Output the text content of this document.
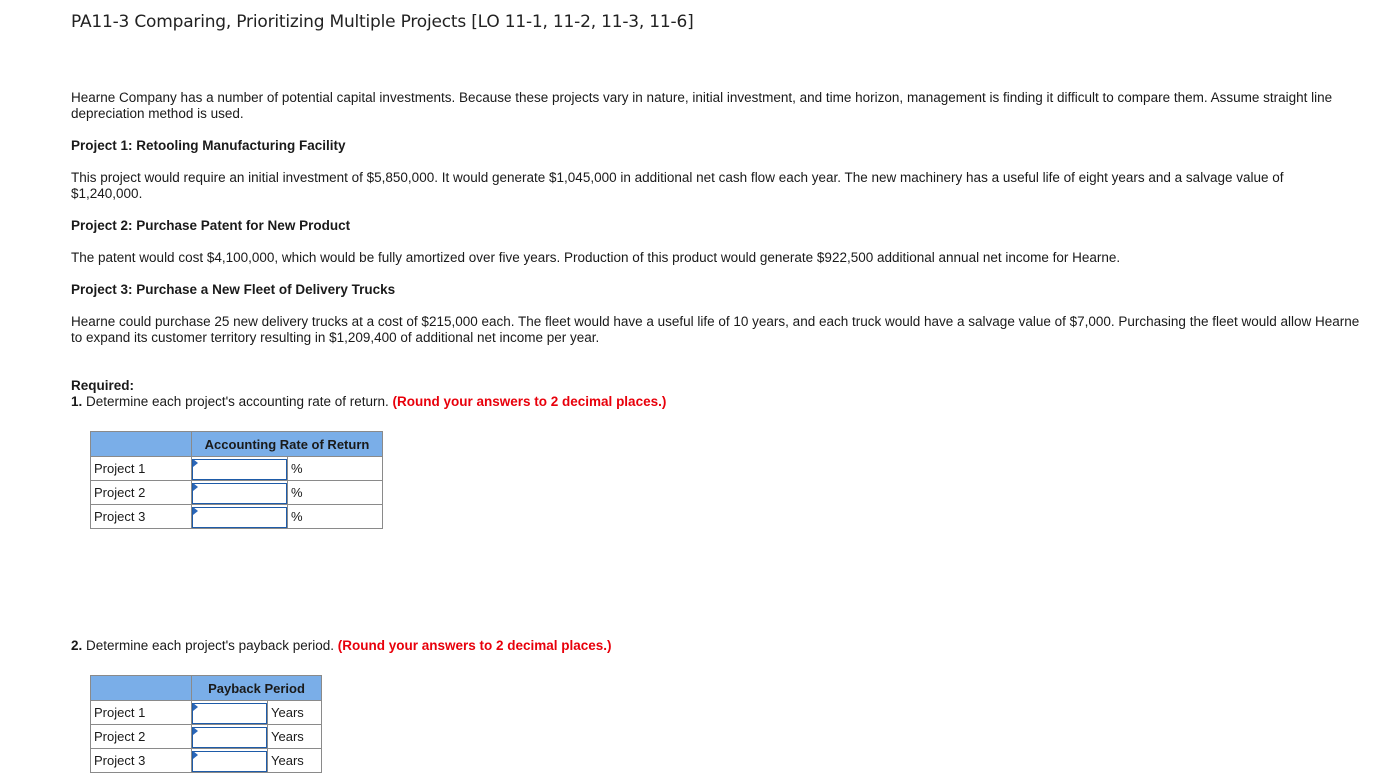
PA11-3 Comparing, Prioritizing Multiple Projects [LO 11-1, 11-2, 11-3, 11-6]
Hearne Company has a number of potential capital investments. Because these projects vary in nature, initial investment, and time horizon, management is finding it difficult to compare them. Assume straight line depreciation method is used.
Project 1: Retooling Manufacturing Facility
This project would require an initial investment of $5,850,000. It would generate $1,045,000 in additional net cash flow each year. The new machinery has a useful life of eight years and a salvage value of $1,240,000.
Project 2: Purchase Patent for New Product
The patent would cost $4,100,000, which would be fully amortized over five years. Production of this product would generate $922,500 additional annual net income for Hearne.
Project 3: Purchase a New Fleet of Delivery Trucks
Hearne could purchase 25 new delivery trucks at a cost of $215,000 each. The fleet would have a useful life of 10 years, and each truck would have a salvage value of $7,000. Purchasing the fleet would allow Hearne to expand its customer territory resulting in $1,209,400 of additional net income per year.
Required:
1. Determine each project's accounting rate of return. (Round your answers to 2 decimal places.)
	Accounting Rate of Return	
Project 1		%
Project 2		%
Project 3		%
2. Determine each project's payback period. (Round your answers to 2 decimal places.)
	Payback Period	
Project 1		Years
Project 2		Years
Project 3		Years
